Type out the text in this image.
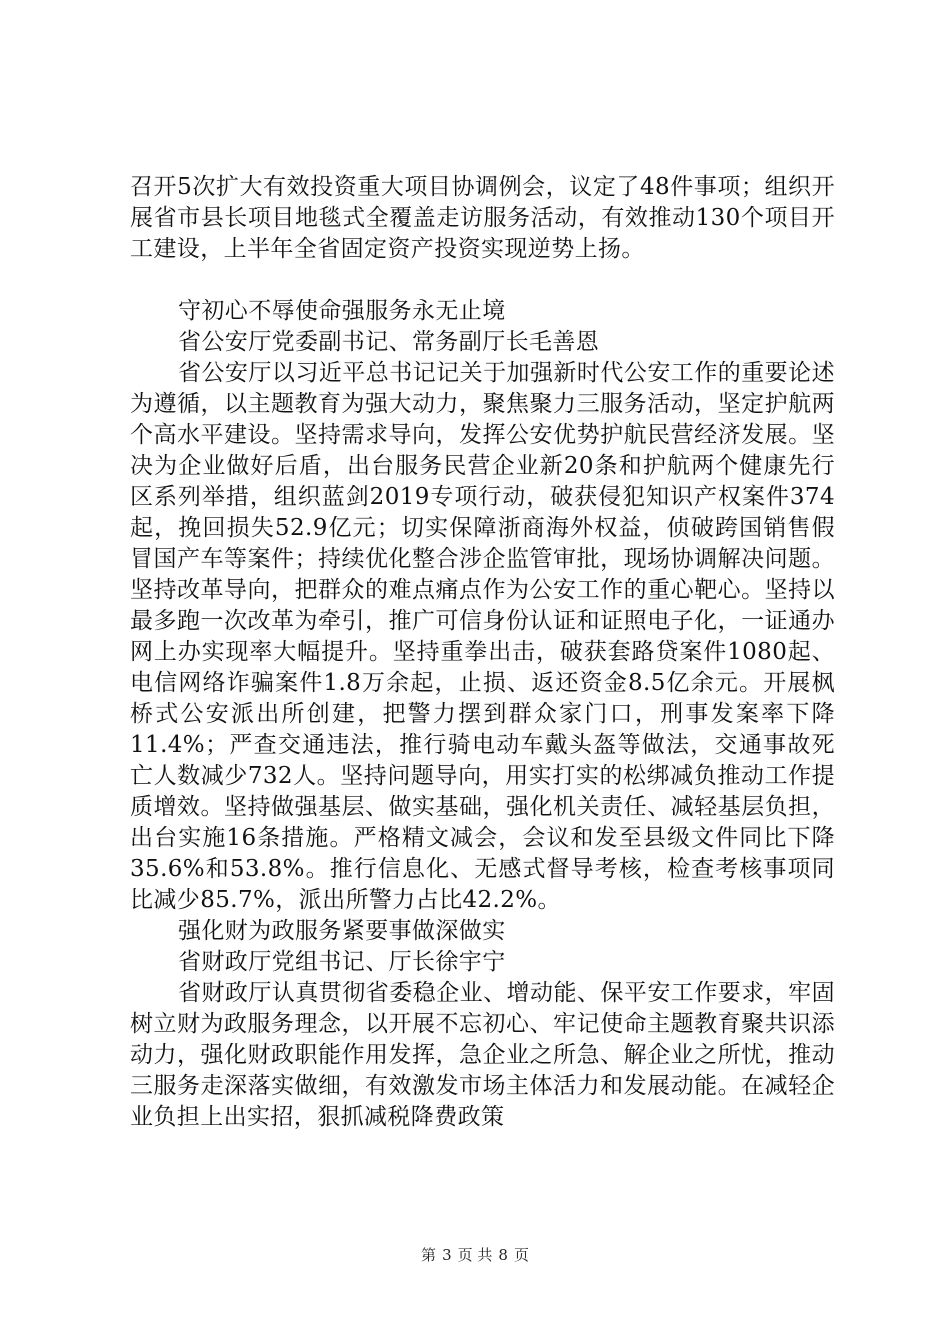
召开5次扩大有效投资重大项目协调例会，议定了48件事项；组织开展省市县长项目地毯式全覆盖走访服务活动，有效推动130个项目开工建设，上半年全省固定资产投资实现逆势上扬。

守初心不辱使命强服务永无止境

省公安厅党委副书记、常务副厅长毛善恩

省公安厅以习近平总书记记关于加强新时代公安工作的重要论述为遵循，以主题教育为强大动力，聚焦聚力三服务活动，坚定护航两个高水平建设。坚持需求导向，发挥公安优势护航民营经济发展。坚决为企业做好后盾，出台服务民营企业新20条和护航两个健康先行区系列举措，组织蓝剑2019专项行动，破获侵犯知识产权案件374起，挽回损失52.9亿元；切实保障浙商海外权益，侦破跨国销售假冒国产车等案件；持续优化整合涉企监管审批，现场协调解决问题。坚持改革导向，把群众的难点痛点作为公安工作的重心靶心。坚持以最多跑一次改革为牵引，推广可信身份认证和证照电子化，一证通办网上办实现率大幅提升。坚持重拳出击，破获套路贷案件1080起、电信网络诈骗案件1.8万余起，止损、返还资金8.5亿余元。开展枫桥式公安派出所创建，把警力摆到群众家门口，刑事发案率下降11.4%；严查交通违法，推行骑电动车戴头盔等做法，交通事故死亡人数减少732人。坚持问题导向，用实打实的松绑减负推动工作提质增效。坚持做强基层、做实基础，强化机关责任、减轻基层负担，出台实施16条措施。严格精文减会，会议和发至县级文件同比下降35.6%和53.8%。推行信息化、无感式督导考核，检查考核事项同比减少85.7%，派出所警力占比42.2%。

强化财为政服务紧要事做深做实

省财政厅党组书记、厅长徐宇宁

省财政厅认真贯彻省委稳企业、增动能、保平安工作要求，牢固树立财为政服务理念，以开展不忘初心、牢记使命主题教育聚共识添动力，强化财政职能作用发挥，急企业之所急、解企业之所忧，推动三服务走深落实做细，有效激发市场主体活力和发展动能。在减轻企业负担上出实招，狠抓减税降费政策

第 3 页 共 8 页
